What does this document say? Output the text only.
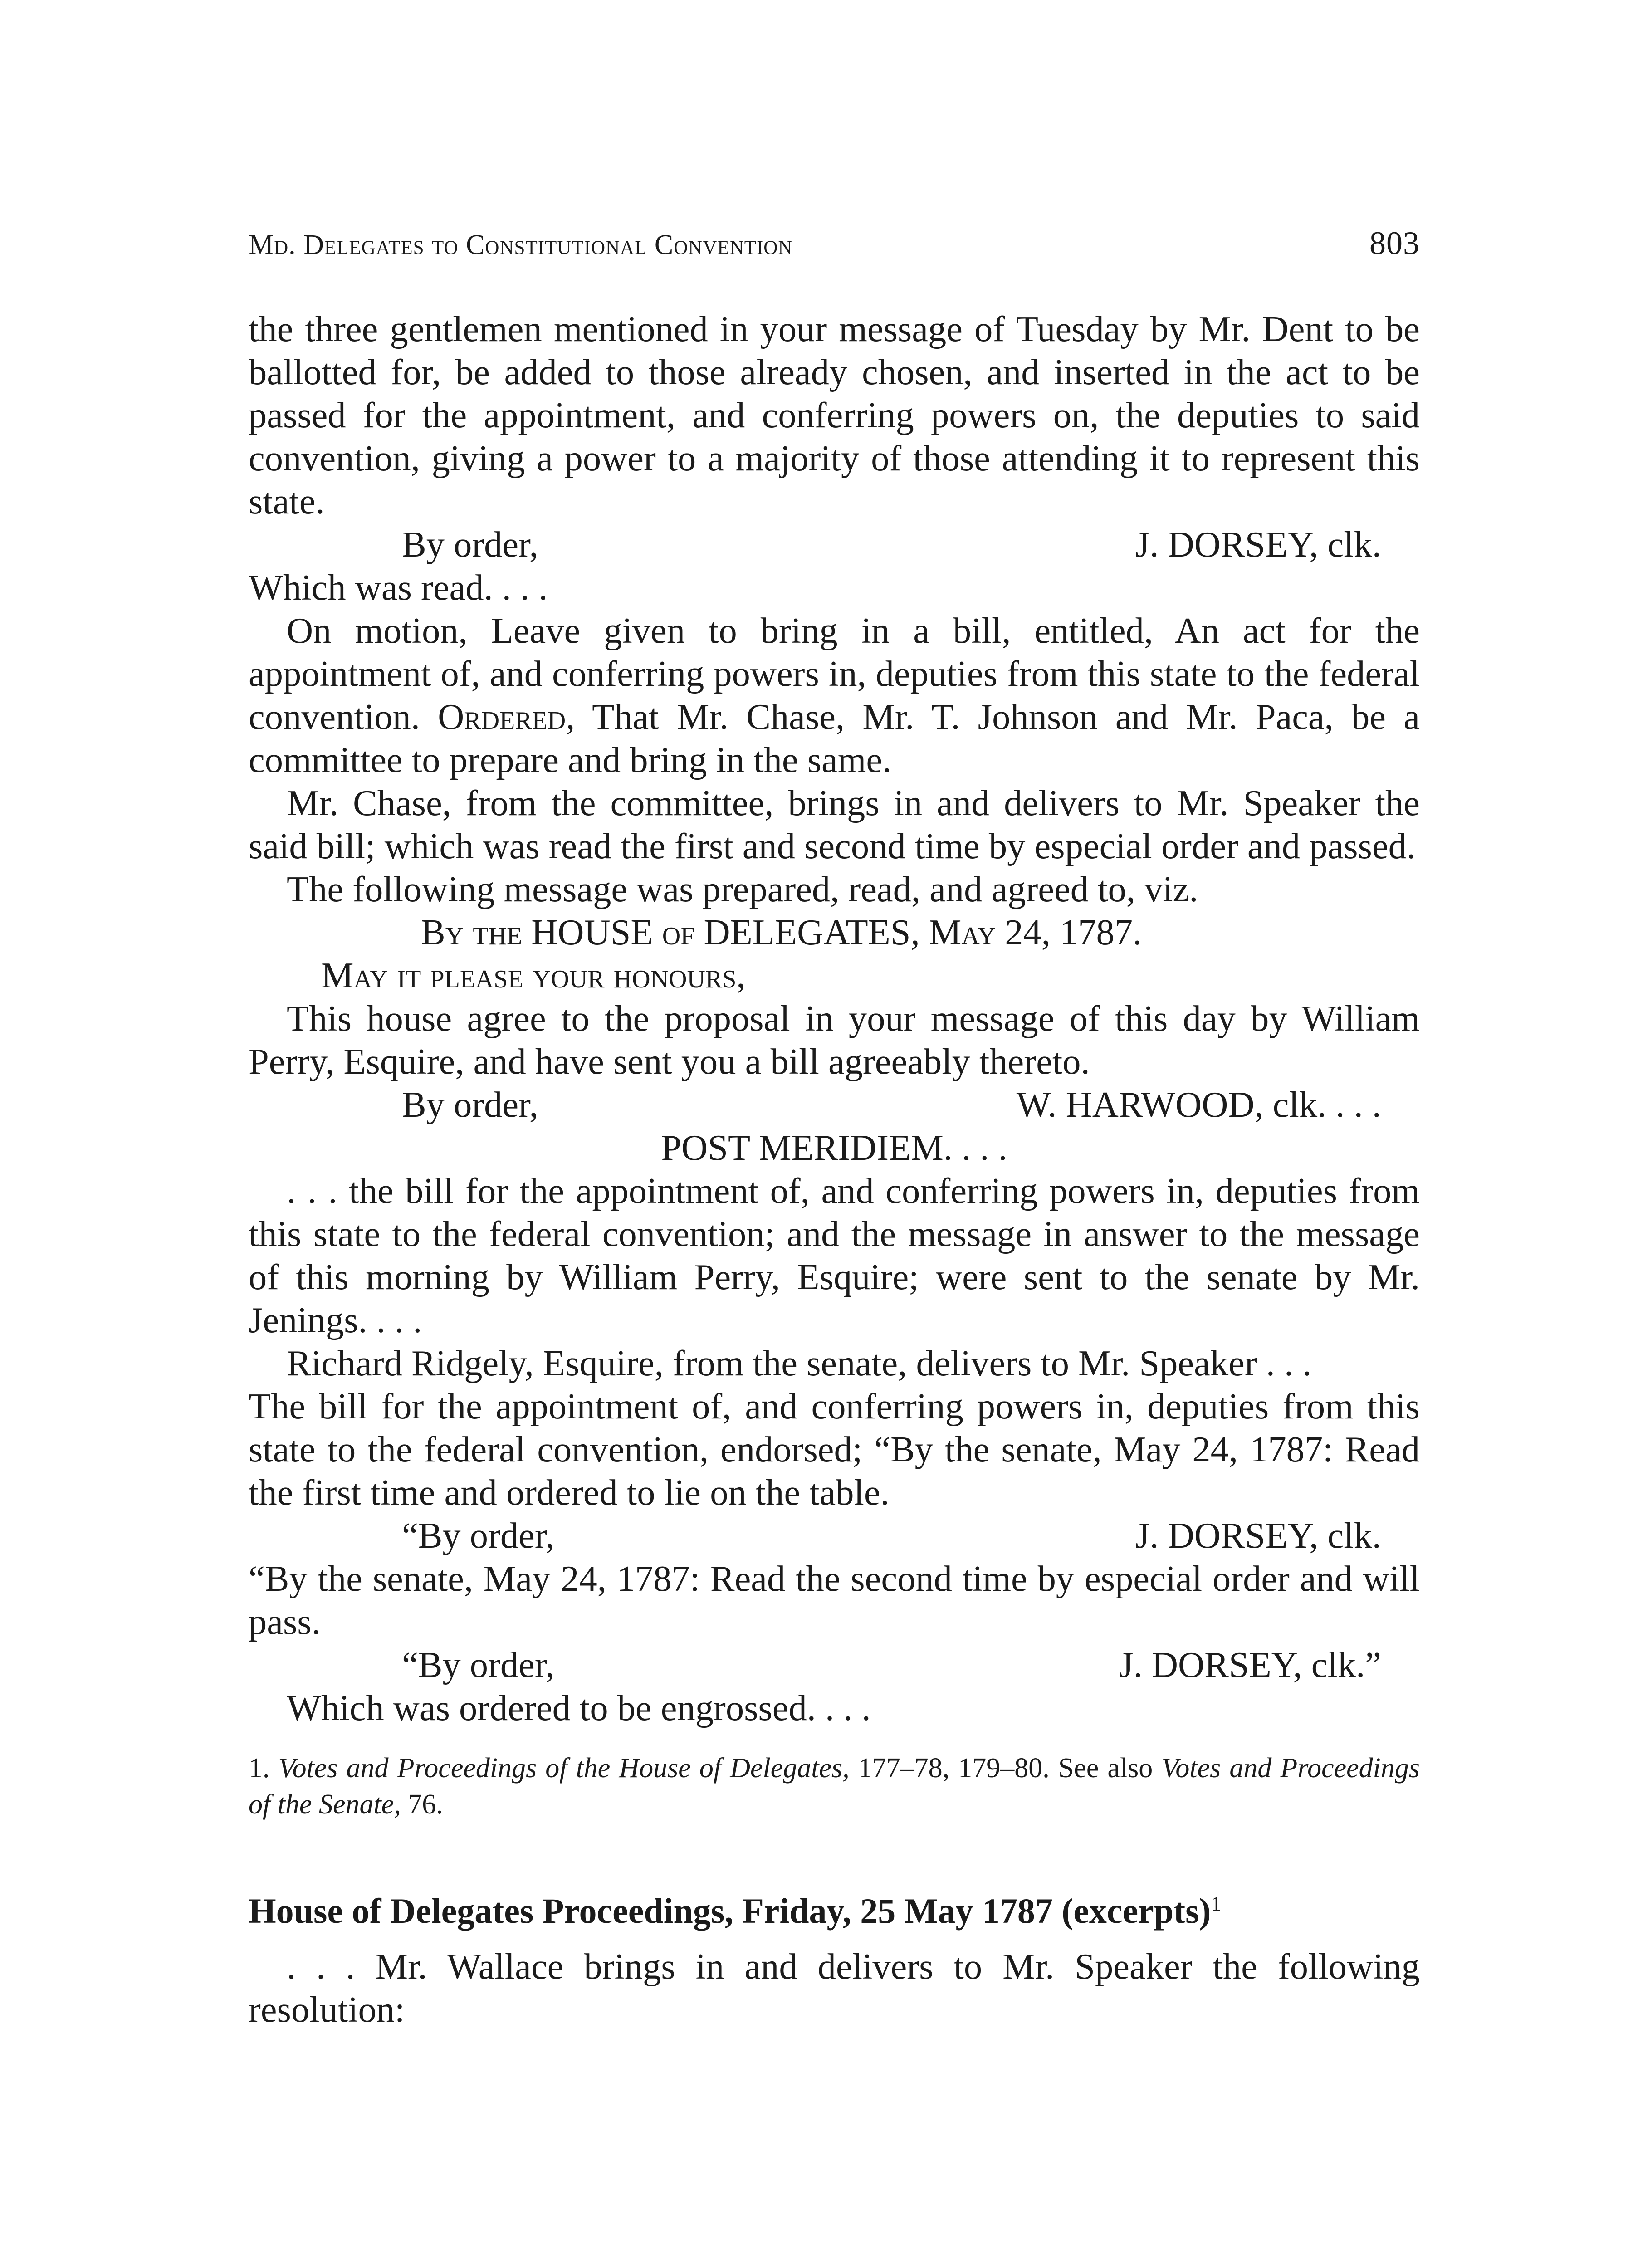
Md. Delegates to Constitutional Convention	803

the three gentlemen mentioned in your message of Tuesday by Mr. Dent to be ballotted for, be added to those already chosen, and inserted in the act to be passed for the appointment, and conferring powers on, the deputies to said convention, giving a power to a majority of those attending it to represent this state.

By order,	J. DORSEY, clk.

Which was read. . . .

On motion, Leave given to bring in a bill, entitled, An act for the appointment of, and conferring powers in, deputies from this state to the federal convention. Ordered, That Mr. Chase, Mr. T. Johnson and Mr. Paca, be a committee to prepare and bring in the same.

Mr. Chase, from the committee, brings in and delivers to Mr. Speaker the said bill; which was read the first and second time by especial order and passed.

The following message was prepared, read, and agreed to, viz.

By the HOUSE of DELEGATES, May 24, 1787.

May it please your honours,

This house agree to the proposal in your message of this day by William Perry, Esquire, and have sent you a bill agreeably thereto.

By order,	W. HARWOOD, clk. . . .

POST MERIDIEM. . . .

. . . the bill for the appointment of, and conferring powers in, deputies from this state to the federal convention; and the message in answer to the message of this morning by William Perry, Esquire; were sent to the senate by Mr. Jenings. . . .

Richard Ridgely, Esquire, from the senate, delivers to Mr. Speaker . . .

The bill for the appointment of, and conferring powers in, deputies from this state to the federal convention, endorsed; “By the senate, May 24, 1787: Read the first time and ordered to lie on the table.

“By order,	J. DORSEY, clk.

“By the senate, May 24, 1787: Read the second time by especial order and will pass.

“By order,	J. DORSEY, clk.”

Which was ordered to be engrossed. . . .

1. Votes and Proceedings of the House of Delegates, 177–78, 179–80. See also Votes and Proceedings of the Senate, 76.

House of Delegates Proceedings, Friday, 25 May 1787 (excerpts)$^1$

. . . Mr. Wallace brings in and delivers to Mr. Speaker the following resolution:
